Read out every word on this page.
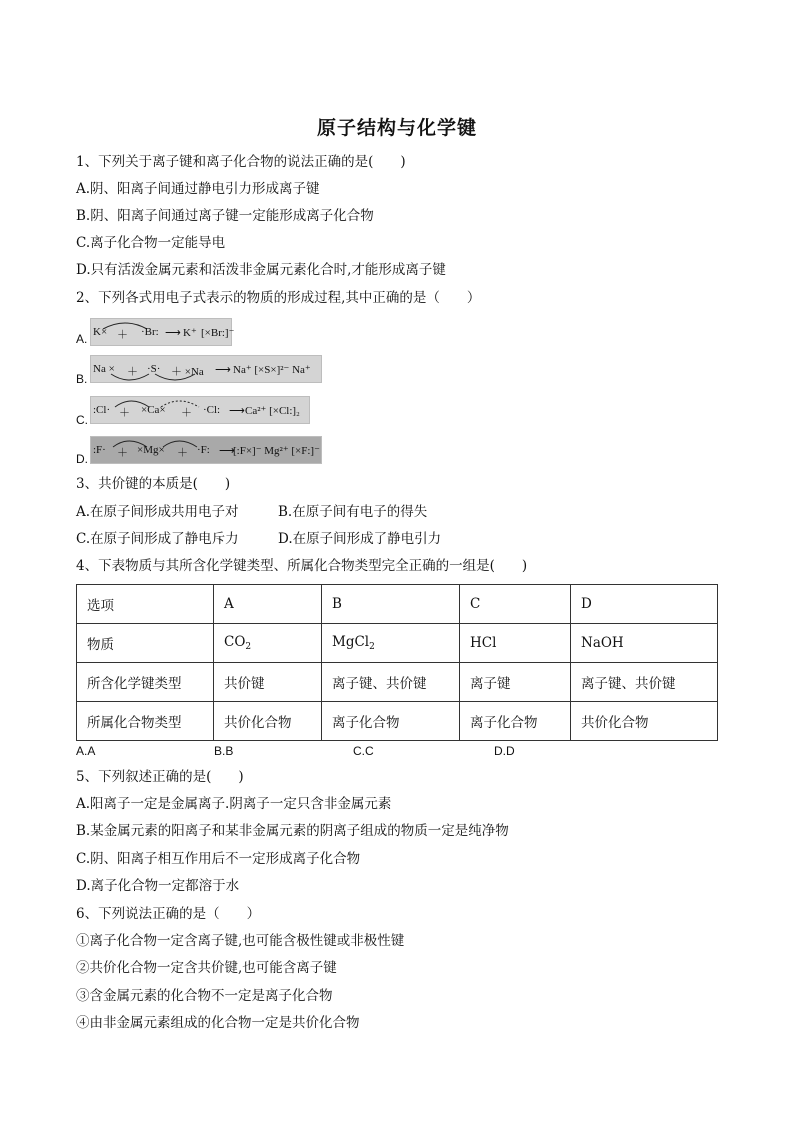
原子结构与化学键
1、下列关于离子键和离子化合物的说法正确的是(　　)
A.阴、阳离子间通过静电引力形成离子键
B.阴、阳离子间通过离子键一定能形成离子化合物
C.离子化合物一定能导电
D.只有活泼金属元素和活泼非金属元素化合时,才能形成离子键
2、下列各式用电子式表示的物质的形成过程,其中正确的是（　　）
A. K× ＋ ·Br: ⟶ K⁺ [×Br:]⁻
B.
Na × ＋ ·S· ＋ ×Na ⟶ Na⁺ [×S×]²⁻ Na⁺
C.
:Cl· ＋ ×Ca× ＋ ·Cl: ⟶ Ca²⁺ [×Cl:]₂
D.
:F· ＋ ×Mg× ＋ ·F: ⟶
[:F×]⁻ Mg²⁺ [×F:]⁻
3、共价键的本质是(　　)
A.在原子间形成共用电子对	B.在原子间有电子的得失
C.在原子间形成了静电斥力	D.在原子间形成了静电引力
4、下表物质与其所含化学键类型、所属化合物类型完全正确的一组是(　　)
选项	A	B	C	D
物质	$CO_2$	MgCl$_2$	HCl	NaOH
所含化学键类型	共价键	离子键、共价键	离子键	离子键、共价键
所属化合物类型	共价化合物	离子化合物	离子化合物	共价化合物
A.A	B.B	C.C	D.D
5、下列叙述正确的是(　　)
A.阳离子一定是金属离子.阴离子一定只含非金属元素
B.某金属元素的阳离子和某非金属元素的阴离子组成的物质一定是纯净物
C.阴、阳离子相互作用后不一定形成离子化合物
D.离子化合物一定都溶于水
6、下列说法正确的是（　　）
①离子化合物一定含离子键,也可能含极性键或非极性键
②共价化合物一定含共价键,也可能含离子键
③含金属元素的化合物不一定是离子化合物
④由非金属元素组成的化合物一定是共价化合物
